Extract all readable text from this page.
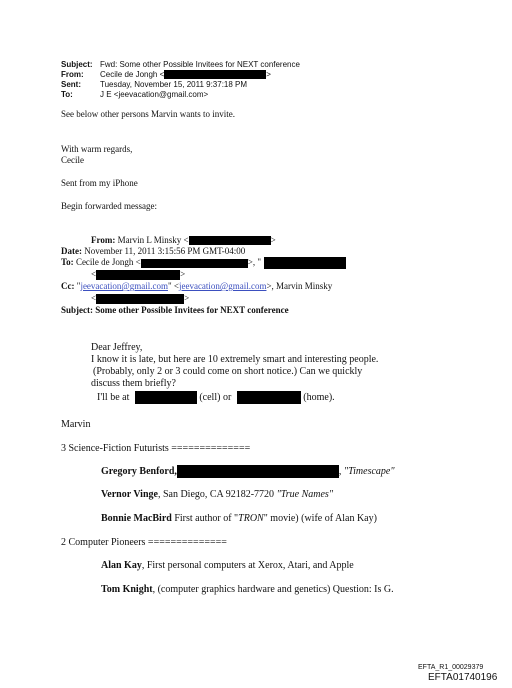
Subject: Fwd: Some other Possible Invitees for NEXT conference
From: Cecile de Jongh <	>
Sent: Tuesday, November 15, 2011 9:37:18 PM
To:	J E <jeevacation@gmail.com>
See below other persons Marvin wants to invite.
With warm regards,
Cecile
Sent from my iPhone
Begin forwarded message:
From: Marvin L Minsky <	>
Date: November 11, 2011 3:15:56 PM GMT-04:00
To: Cecile de Jongh <	>, "
<	>
Cc: "jeevacation@gmail.com" <jeevacation@gmail.com>, Marvin Minsky
<	>
Subject: Some other Possible Invitees for NEXT conference
Dear Jeffrey,
I know it is late, but here are 10 extremely smart and interesting people.
(Probably, only 2 or 3 could come on short notice.) Can we quickly
discuss them briefly?
I'll be at	(cell) or	(home).
Marvin
3 Science-Fiction Futurists ==============
Gregory Benford,	, "Timescape"
Vernor Vinge, San Diego, CA 92182-7720 "True Names"
Bonnie MacBird First author of "TRON" movie) (wife of Alan Kay)
2 Computer Pioneers ==============
Alan Kay, First personal computers at Xerox, Atari, and Apple
Tom Knight, (computer graphics hardware and genetics) Question: Is G.
EFTA_R1_00029379
EFTA01740196
